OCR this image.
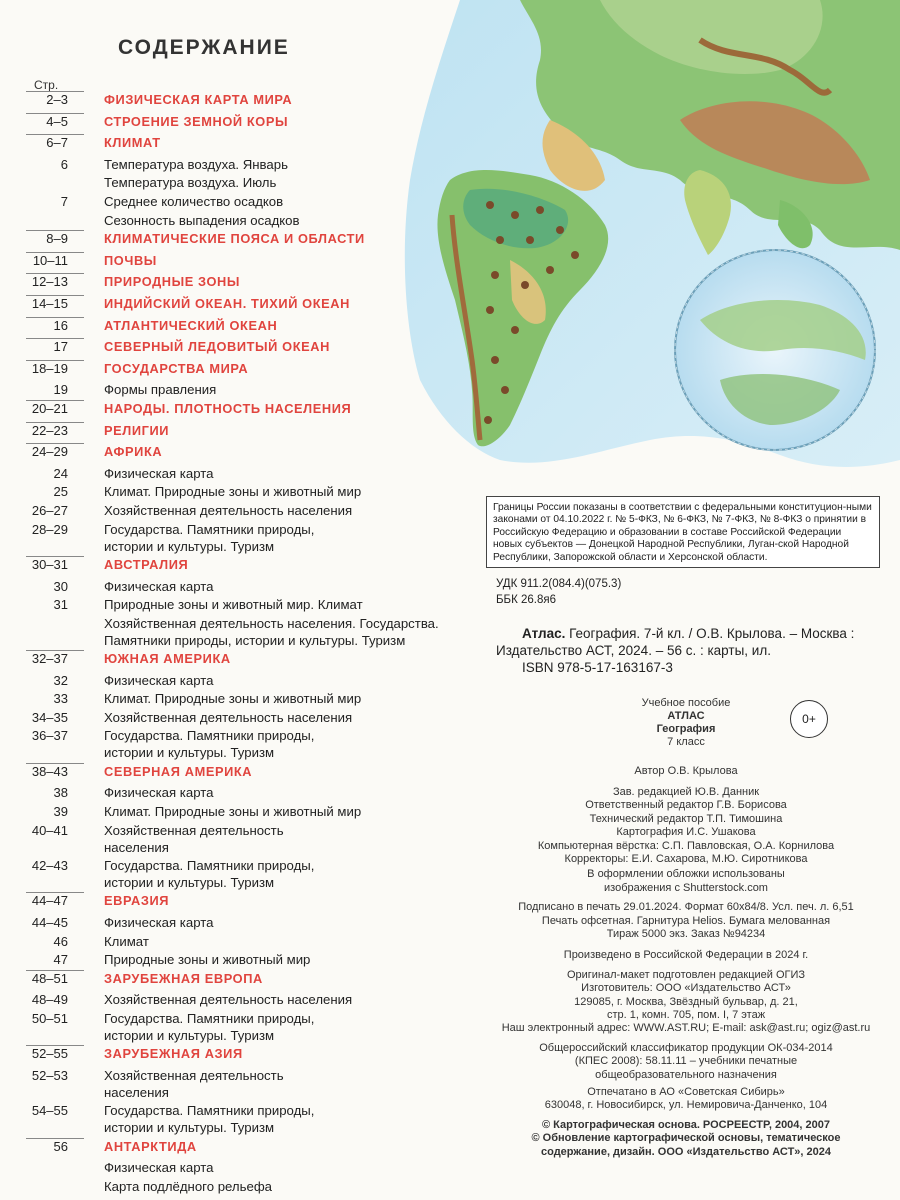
СОДЕРЖАНИЕ
Стр.
2–3	ФИЗИЧЕСКАЯ КАРТА МИРА
4–5	СТРОЕНИЕ ЗЕМНОЙ КОРЫ
6–7	КЛИМАТ
6	Температура воздуха. Январь
Температура воздуха. Июль
7	Среднее количество осадков
Сезонность выпадения осадков
8–9	КЛИМАТИЧЕСКИЕ ПОЯСА И ОБЛАСТИ
10–11	ПОЧВЫ
12–13	ПРИРОДНЫЕ ЗОНЫ
14–15	ИНДИЙСКИЙ ОКЕАН. ТИХИЙ ОКЕАН
16	АТЛАНТИЧЕСКИЙ ОКЕАН
17	СЕВЕРНЫЙ ЛЕДОВИТЫЙ ОКЕАН
18–19	ГОСУДАРСТВА МИРА
19	Формы правления
20–21	НАРОДЫ. ПЛОТНОСТЬ НАСЕЛЕНИЯ
22–23	РЕЛИГИИ
24–29	АФРИКА
24	Физическая карта
25	Климат. Природные зоны и животный мир
26–27	Хозяйственная деятельность населения
28–29	Государства. Памятники природы,
истории и культуры. Туризм
30–31	АВСТРАЛИЯ
30	Физическая карта
31	Природные зоны и животный мир. Климат
Хозяйственная деятельность населения. Государства.
Памятники природы, истории и культуры. Туризм
32–37	ЮЖНАЯ АМЕРИКА
32	Физическая карта
33	Климат. Природные зоны и животный мир
34–35	Хозяйственная деятельность населения
36–37	Государства. Памятники природы,
истории и культуры. Туризм
38–43	СЕВЕРНАЯ АМЕРИКА
38	Физическая карта
39	Климат. Природные зоны и животный мир
40–41	Хозяйственная деятельность
населения
42–43	Государства. Памятники природы,
истории и культуры. Туризм
44–47	ЕВРАЗИЯ
44–45	Физическая карта
46	Климат
47	Природные зоны и животный мир
48–51	ЗАРУБЕЖНАЯ ЕВРОПА
48–49	Хозяйственная деятельность населения
50–51	Государства. Памятники природы,
истории и культуры. Туризм
52–55	ЗАРУБЕЖНАЯ АЗИЯ
52–53	Хозяйственная деятельность
населения
54–55	Государства. Памятники природы,
истории и культуры. Туризм
56	АНТАРКТИДА
Физическая карта
Карта подлёдного рельефа
Границы России показаны в соответствии с федеральными конституцион-ными законами от 04.10.2022 г. № 5-ФКЗ, № 6-ФКЗ, № 7-ФКЗ, № 8-ФКЗ о принятии в Российскую Федерацию и образовании в составе Российской Федерации новых субъектов — Донецкой Народной Республики, Луган-ской Народной Республики, Запорожской области и Херсонской области.
УДК 911.2(084.4)(075.3)
ББК 26.8я6
Атлас. География. 7-й кл. / О.В. Крылова. – Москва :
Издательство АСТ, 2024. – 56 с. : карты, ил.
ISBN 978-5-17-163167-3
Учебное пособие
АТЛАС
География
7 класс
0+
Автор О.В. Крылова
Зав. редакцией Ю.В. Данник
Ответственный редактор Г.В. Борисова
Технический редактор Т.П. Тимошина
Картография И.С. Ушакова
Компьютерная вёрстка: С.П. Павловская, О.А. Корнилова
Корректоры: Е.И. Сахарова, М.Ю. Сиротникова
В оформлении обложки использованы
изображения с Shutterstock.com
Подписано в печать 29.01.2024. Формат 60х84/8. Усл. печ. л. 6,51
Печать офсетная. Гарнитура Helios. Бумага мелованная
Тираж 5000 экз. Заказ №94234
Произведено в Российской Федерации в 2024 г.
Оригинал-макет подготовлен редакцией ОГИЗ
Изготовитель: ООО «Издательство АСТ»
129085, г. Москва, Звёздный бульвар, д. 21,
стр. 1, комн. 705, пом. I, 7 этаж
Наш электронный адрес: WWW.AST.RU; E-mail: ask@ast.ru; ogiz@ast.ru
Общероссийский классификатор продукции ОК-034-2014
(КПЕС 2008): 58.11.11 – учебники печатные
общеобразовательного назначения
Отпечатано в АО «Советская Сибирь»
630048, г. Новосибирск, ул. Немировича-Данченко, 104
© Картографическая основа. РОСРЕЕСТР, 2004, 2007
© Обновление картографической основы, тематическое
содержание, дизайн. ООО «Издательство АСТ», 2024
